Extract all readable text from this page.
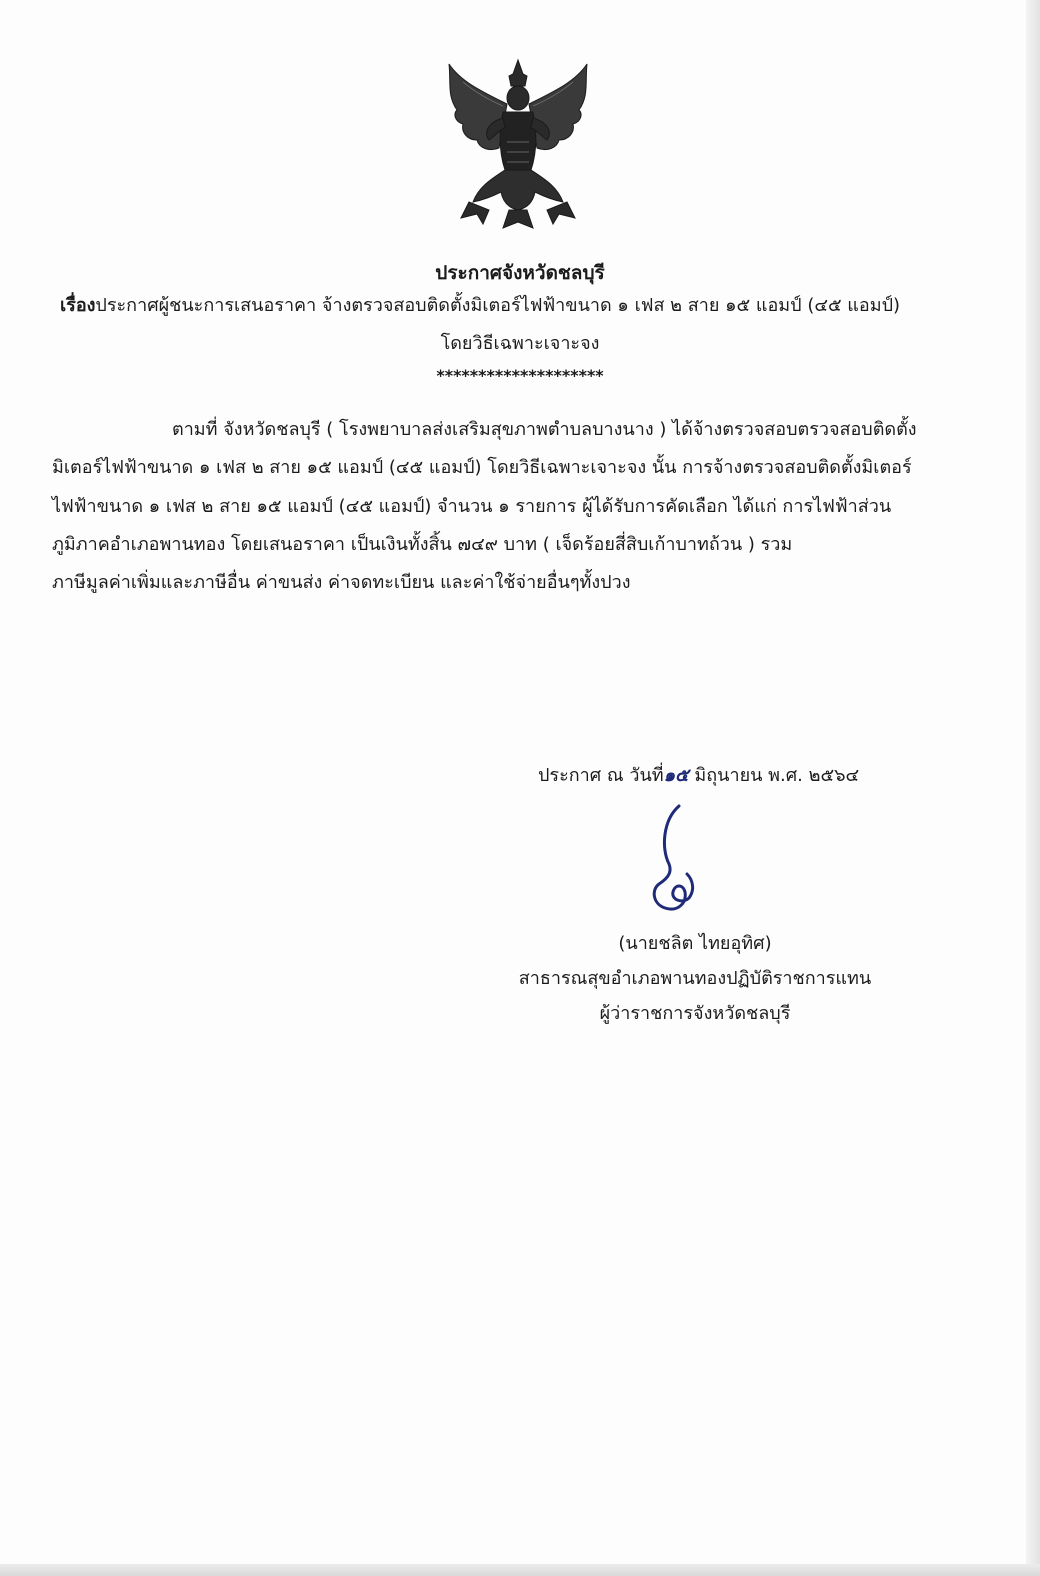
ประกาศจังหวัดชลบุรี
เรื่องประกาศผู้ชนะการเสนอราคา จ้างตรวจสอบติดตั้งมิเตอร์ไฟฟ้าขนาด ๑ เฟส ๒ สาย ๑๕ แอมป์ (๔๕ แอมป์)
โดยวิธีเฉพาะเจาะจง
********************
ตามที่ จังหวัดชลบุรี ( โรงพยาบาลส่งเสริมสุขภาพตำบลบางนาง ) ได้จ้างตรวจสอบตรวจสอบติดตั้ง
มิเตอร์ไฟฟ้าขนาด ๑ เฟส ๒ สาย ๑๕ แอมป์ (๔๕ แอมป์) โดยวิธีเฉพาะเจาะจง นั้น การจ้างตรวจสอบติดตั้งมิเตอร์
ไฟฟ้าขนาด ๑ เฟส ๒ สาย ๑๕ แอมป์ (๔๕ แอมป์) จำนวน ๑ รายการ ผู้ได้รับการคัดเลือก ได้แก่ การไฟฟ้าส่วน
ภูมิภาคอำเภอพานทอง โดยเสนอราคา เป็นเงินทั้งสิ้น ๗๔๙ บาท ( เจ็ดร้อยสี่สิบเก้าบาทถ้วน ) รวม
ภาษีมูลค่าเพิ่มและภาษีอื่น ค่าขนส่ง ค่าจดทะเบียน และค่าใช้จ่ายอื่นๆทั้งปวง
ประกาศ ณ วันที่๑๕ มิถุนายน พ.ศ. ๒๕๖๔
(นายชลิต ไทยอุทิศ)
สาธารณสุขอำเภอพานทองปฏิบัติราชการแทน
ผู้ว่าราชการจังหวัดชลบุรี
